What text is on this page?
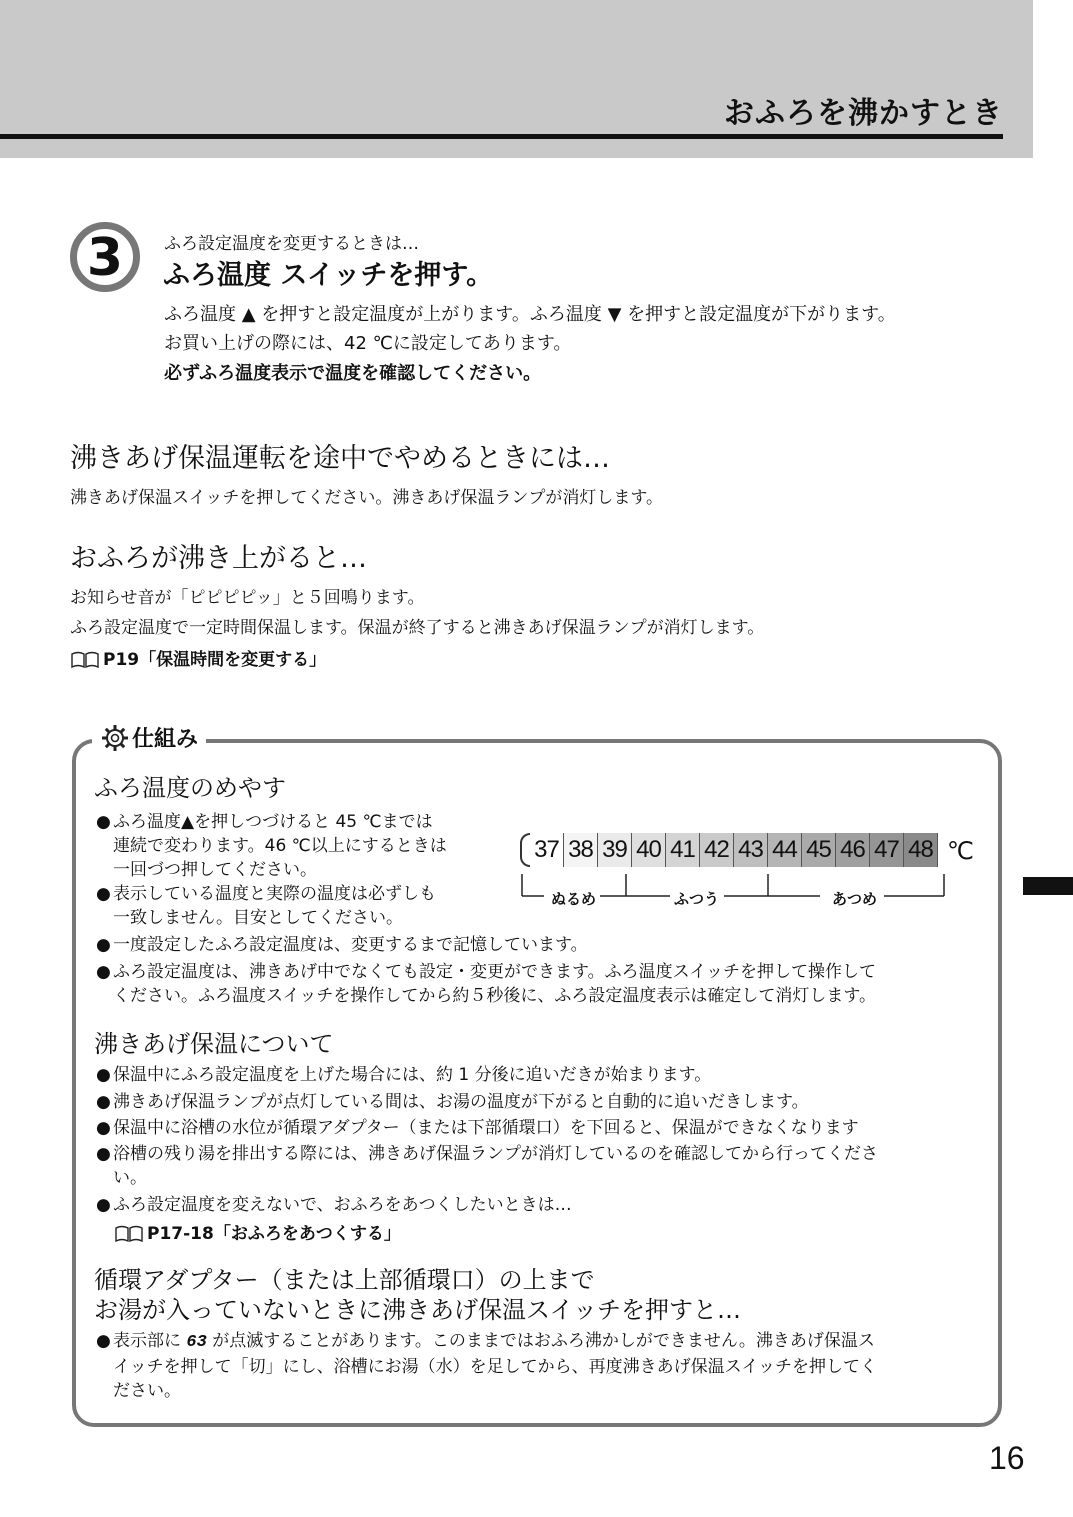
おふろを沸かすとき
3 ふろ設定温度を変更するときは…
ふろ温度 スイッチを押す。
ふろ温度 ▲ を押すと設定温度が上がります。ふろ温度 ▼ を押すと設定温度が下がります。
お買い上げの際には、42 ℃に設定してあります。
必ずふろ温度表示で温度を確認してください。
沸きあげ保温運転を途中でやめるときには…
沸きあげ保温スイッチを押してください。沸きあげ保温ランプが消灯します。
おふろが沸き上がると…
お知らせ音が「ピピピピッ」と５回鳴ります。
ふろ設定温度で一定時間保温します。保温が終了すると沸きあげ保温ランプが消灯します。
P19「保温時間を変更する」
仕組み
ふろ温度のめやす
● ふろ温度▲を押しつづけると 45 ℃までは
連続で変わります。46 ℃以上にするときは
一回づつ押してください。
● 表示している温度と実際の温度は必ずしも
一致しません。目安としてください。
37 38 39 40 41 42 43 44 45 46 47 48 ℃
ぬるめ	ふつう	あつめ
● 一度設定したふろ設定温度は、変更するまで記憶しています。
● ふろ設定温度は、沸きあげ中でなくても設定・変更ができます。ふろ温度スイッチを押して操作して
ください。ふろ温度スイッチを操作してから約５秒後に、ふろ設定温度表示は確定して消灯します。
沸きあげ保温について
● 保温中にふろ設定温度を上げた場合には、約 1 分後に追いだきが始まります。
● 沸きあげ保温ランプが点灯している間は、お湯の温度が下がると自動的に追いだきします。
● 保温中に浴槽の水位が循環アダプター（または下部循環口）を下回ると、保温ができなくなります
● 浴槽の残り湯を排出する際には、沸きあげ保温ランプが消灯しているのを確認してから行ってくださ
い。
● ふろ設定温度を変えないで、おふろをあつくしたいときは…
P17-18「おふろをあつくする」
循環アダプター（または上部循環口）の上まで
お湯が入っていないときに沸きあげ保温スイッチを押すと…
● 表示部に 63 が点滅することがあります。このままではおふろ沸かしができません。沸きあげ保温ス
イッチを押して「切」にし、浴槽にお湯（水）を足してから、再度沸きあげ保温スイッチを押してく
ださい。
16
